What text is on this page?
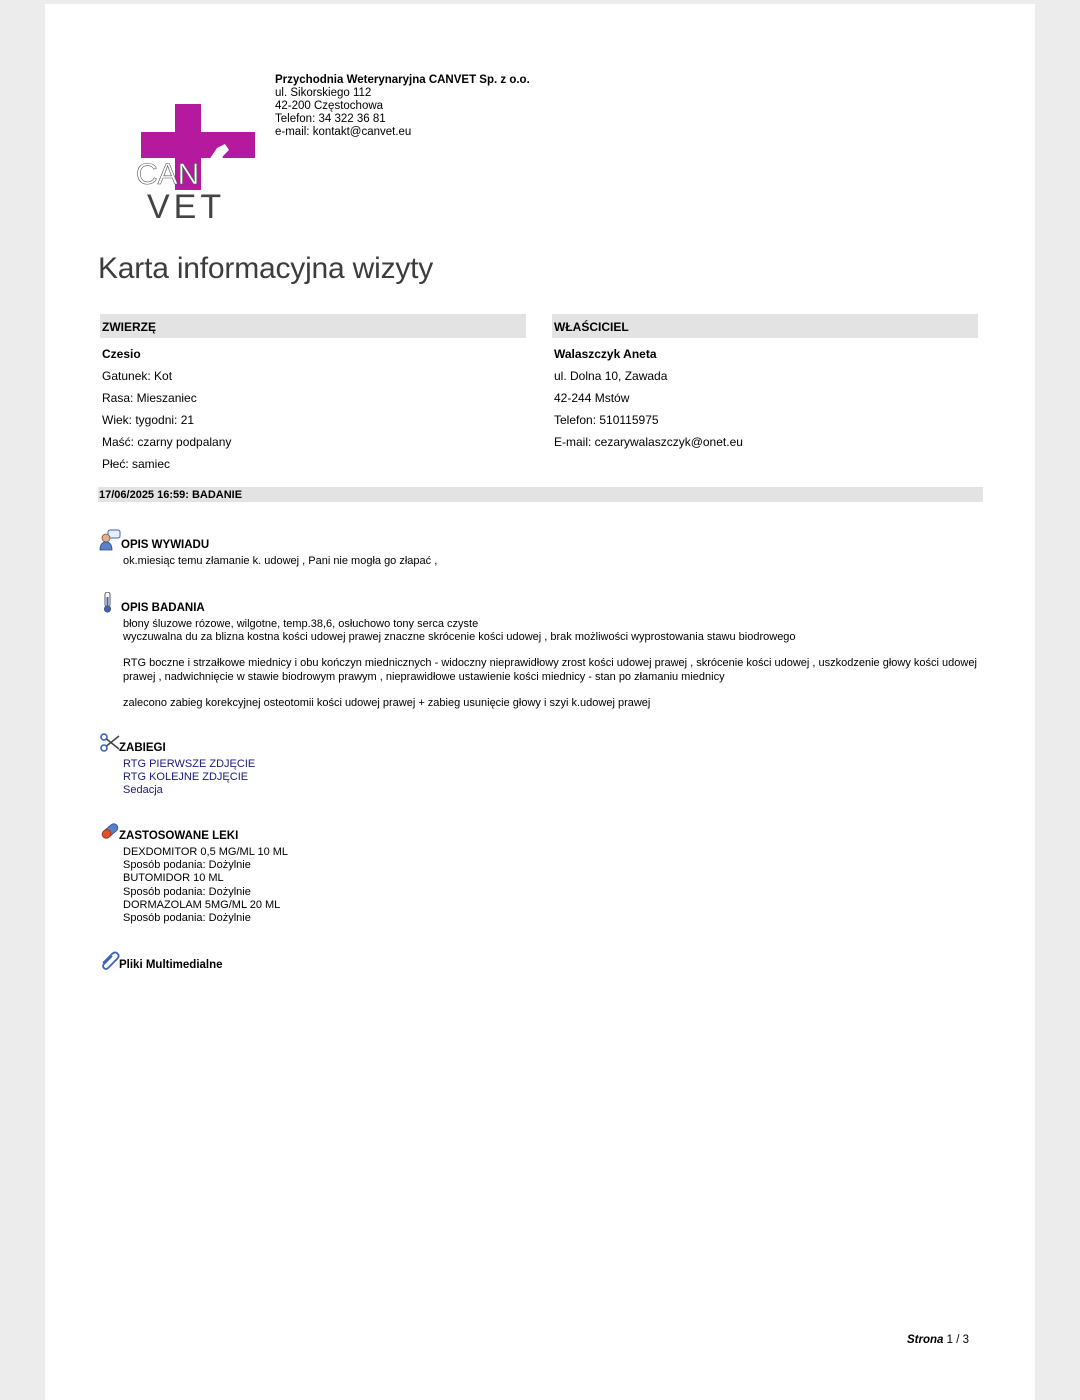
CAN
VET
Przychodnia Weterynaryjna CANVET Sp. z o.o.
ul. Sikorskiego 112
42-200 Częstochowa
Telefon: 34 322 36 81
e-mail: kontakt@canvet.eu
Karta informacyjna wizyty
ZWIERZĘ
Czesio
Gatunek: Kot
Rasa: Mieszaniec
Wiek: tygodni: 21
Maść: czarny podpalany
Płeć: samiec
WŁAŚCICIEL
Walaszczyk Aneta
ul. Dolna 10, Zawada
42-244 Mstów
Telefon: 510115975
E-mail: cezarywalaszczyk@onet.eu
17/06/2025 16:59: BADANIE
OPIS WYWIADU

ok.miesiąc temu złamanie k. udowej , Pani nie mogła go złapać ,

OPIS BADANIA

błony śluzowe rózowe, wilgotne, temp.38,6, osłuchowo tony serca czyste

wyczuwalna du za blizna kostna kości udowej prawej znaczne skrócenie kości udowej , brak możliwości wyprostowania stawu biodrowego

RTG boczne i strzałkowe miednicy i obu kończyn miednicznych - widoczny nieprawidłowy zrost kości udowej prawej , skrócenie kości udowej , uszkodzenie głowy kości udowej prawej , nadwichnięcie w stawie biodrowym prawym , nieprawidłowe ustawienie kości miednicy - stan po złamaniu miednicy

zalecono zabieg korekcyjnej osteotomii kości udowej prawej + zabieg usunięcie głowy i szyi k.udowej prawej

ZABIEGI
RTG PIERWSZE ZDJĘCIE
RTG KOLEJNE ZDJĘCIE
Sedacja
ZASTOSOWANE LEKI

DEXDOMITOR 0,5 MG/ML 10 ML

Sposób podania: Dożylnie

BUTOMIDOR 10 ML

Sposób podania: Dożylnie

DORMAZOLAM 5MG/ML 20 ML

Sposób podania: Dożylnie

Pliki Multimedialne
Strona 1 / 3
